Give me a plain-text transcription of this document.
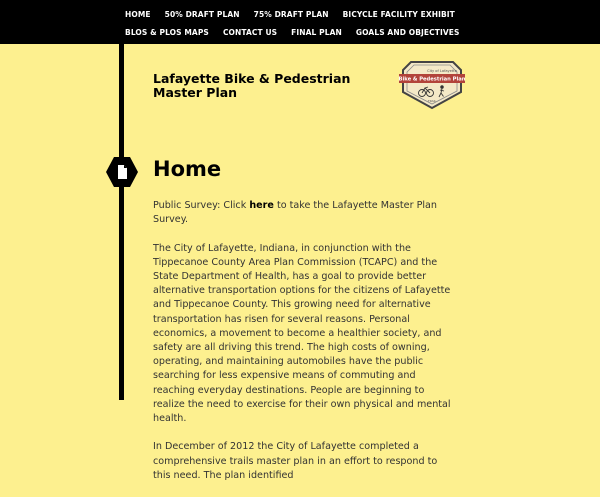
HOME 50% DRAFT PLAN 75% DRAFT PLAN BICYCLE FACILITY EXHIBIT
BLOS & PLOS MAPS CONTACT US FINAL PLAN GOALS AND OBJECTIVES
Lafayette Bike & Pedestrian Master Plan
City of Lafayette
Bike & Pedestrian Plan
TRAIL
Home

Public Survey: Click here to take the Lafayette Master Plan Survey.

The City of Lafayette, Indiana, in conjunction with the Tippecanoe County Area Plan Commission (TCAPC) and the State Department of Health, has a goal to provide better alternative transportation options for the citizens of Lafayette and Tippecanoe County. This growing need for alternative transportation has risen for several reasons. Personal economics, a movement to become a healthier society, and safety are all driving this trend. The high costs of owning, operating, and maintaining automobiles have the public searching for less expensive means of commuting and reaching everyday destinations. People are beginning to realize the need to exercise for their own physical and mental health.

In December of 2012 the City of Lafayette completed a comprehensive trails master plan in an effort to respond to this need. The plan identified
